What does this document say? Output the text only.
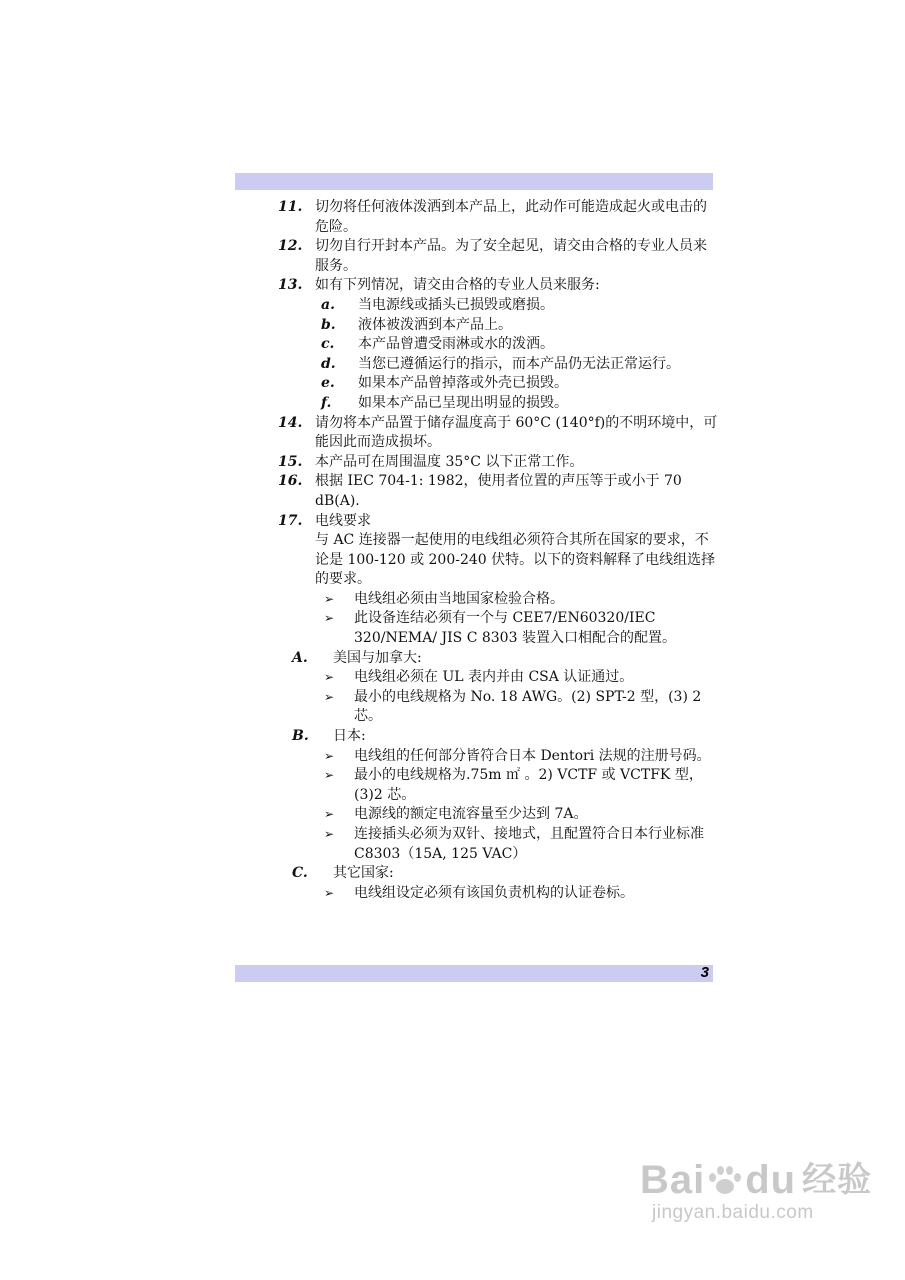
11. 切勿将任何液体泼洒到本产品上，此动作可能造成起火或电击的危险。
12. 切勿自行开封本产品。为了安全起见，请交由合格的专业人员来服务。
13. 如有下列情况，请交由合格的专业人员来服务:
a. 当电源线或插头已损毁或磨损。
b. 液体被泼洒到本产品上。
c. 本产品曾遭受雨淋或水的泼洒。
d. 当您已遵循运行的指示，而本产品仍无法正常运行。
e. 如果本产品曾掉落或外壳已损毁。
f. 如果本产品已呈现出明显的损毁。
14. 请勿将本产品置于储存温度高于 60°C (140°f)的不明环境中，可能因此而造成损坏。
15. 本产品可在周围温度 35°C 以下正常工作。
16. 根据 IEC 704-1: 1982，使用者位置的声压等于或小于 70 dB(A).
17. 电线要求
与 AC 连接器一起使用的电线组必须符合其所在国家的要求，不论是 100-120 或 200-240 伏特。以下的资料解释了电线组选择的要求。
➢ 电线组必须由当地国家检验合格。
➢ 此设备连结必须有一个与 CEE7/EN60320/IEC 320/NEMA/ JIS C 8303 装置入口相配合的配置。
A. 美国与加拿大:
➢ 电线组必须在 UL 表内并由 CSA 认证通过。
➢ 最小的电线规格为 No. 18 AWG。(2) SPT-2 型，(3) 2 芯。
B. 日本:
➢ 电线组的任何部分皆符合日本 Dentori 法规的注册号码。
➢ 最小的电线规格为.75m ㎡ 。2) VCTF 或 VCTFK 型，(3)2 芯。
➢ 电源线的额定电流容量至少达到 7A。
➢ 连接插头必须为双针、接地式，且配置符合日本行业标准 C8303（15A, 125 VAC）
C. 其它国家:
➢ 电线组设定必须有该国负责机构的认证卷标。
3
Bai du 经验
jingyan.baidu.com
